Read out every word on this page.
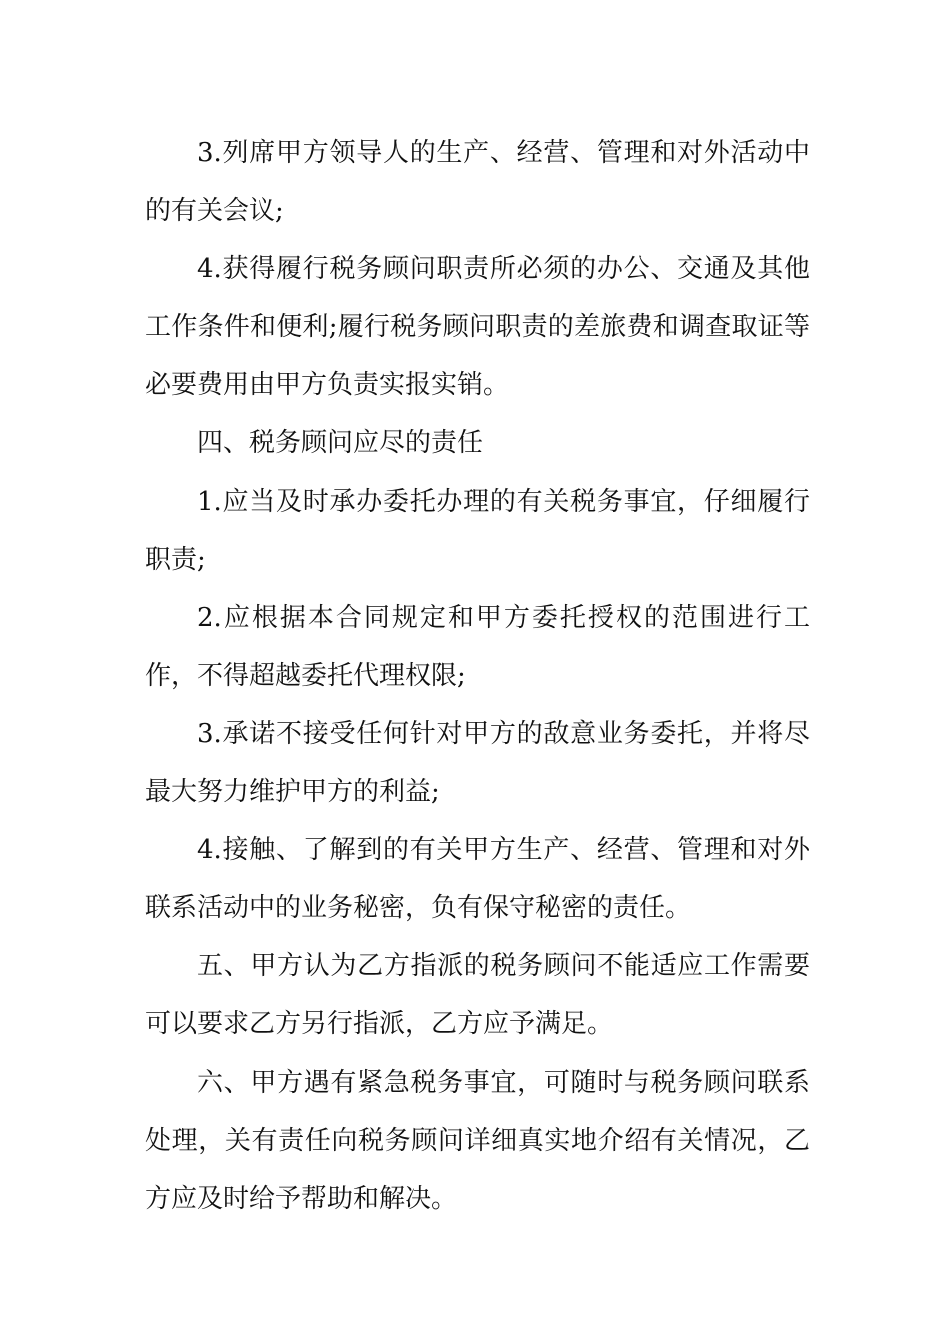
3.列席甲方领导人的生产、经营、管理和对外活动中的有关会议;

4.获得履行税务顾问职责所必须的办公、交通及其他工作条件和便利;履行税务顾问职责的差旅费和调查取证等必要费用由甲方负责实报实销。

四、税务顾问应尽的责任

1.应当及时承办委托办理的有关税务事宜，仔细履行职责;

2.应根据本合同规定和甲方委托授权的范围进行工作，不得超越委托代理权限;

3.承诺不接受任何针对甲方的敌意业务委托，并将尽最大努力维护甲方的利益;

4.接触、了解到的有关甲方生产、经营、管理和对外联系活动中的业务秘密，负有保守秘密的责任。

五、甲方认为乙方指派的税务顾问不能适应工作需要可以要求乙方另行指派，乙方应予满足。

六、甲方遇有紧急税务事宜，可随时与税务顾问联系处理，关有责任向税务顾问详细真实地介绍有关情况，乙方应及时给予帮助和解决。
